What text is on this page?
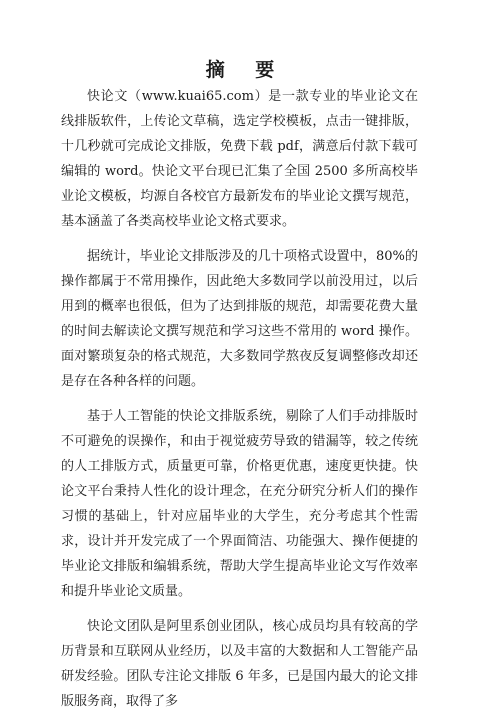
摘 要

快论文（www.kuai65.com）是一款专业的毕业论文在线排版软件，上传论文草稿，选定学校模板，点击一键排版，十几秒就可完成论文排版，免费下载 pdf，满意后付款下载可编辑的 word。快论文平台现已汇集了全国 2500 多所高校毕业论文模板，均源自各校官方最新发布的毕业论文撰写规范，基本涵盖了各类高校毕业论文格式要求。

据统计，毕业论文排版涉及的几十项格式设置中，80%的操作都属于不常用操作，因此绝大多数同学以前没用过，以后用到的概率也很低，但为了达到排版的规范，却需要花费大量的时间去解读论文撰写规范和学习这些不常用的 word 操作。面对繁琐复杂的格式规范，大多数同学熬夜反复调整修改却还是存在各种各样的问题。

基于人工智能的快论文排版系统，剔除了人们手动排版时不可避免的误操作，和由于视觉疲劳导致的错漏等，较之传统的人工排版方式，质量更可靠，价格更优惠，速度更快捷。快论文平台秉持人性化的设计理念，在充分研究分析人们的操作习惯的基础上，针对应届毕业的大学生，充分考虑其个性需求，设计并开发完成了一个界面简洁、功能强大、操作便捷的毕业论文排版和编辑系统，帮助大学生提高毕业论文写作效率和提升毕业论文质量。

快论文团队是阿里系创业团队，核心成员均具有较高的学历背景和互联网从业经历，以及丰富的大数据和人工智能产品研发经验。团队专注论文排版 6 年多，已是国内最大的论文排版服务商，取得了多
